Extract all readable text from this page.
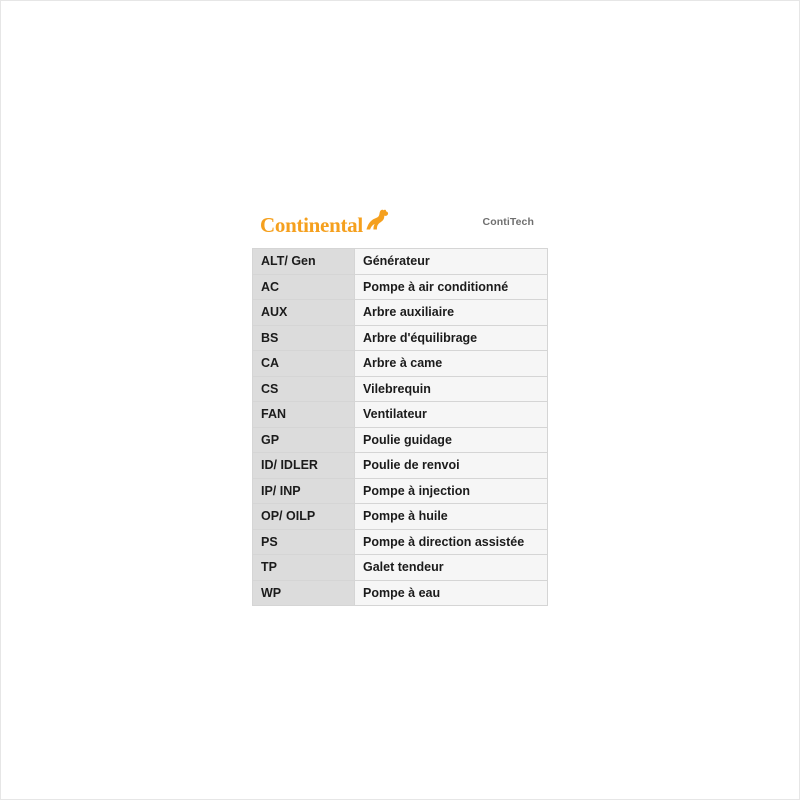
Continental	ContiTech
ALT/ Gen	Générateur
AC	Pompe à air conditionné
AUX	Arbre auxiliaire
BS	Arbre d'équilibrage
CA	Arbre à came
CS	Vilebrequin
FAN	Ventilateur
GP	Poulie guidage
ID/ IDLER	Poulie de renvoi
IP/ INP	Pompe à injection
OP/ OILP	Pompe à huile
PS	Pompe à direction assistée
TP	Galet tendeur
WP	Pompe à eau
